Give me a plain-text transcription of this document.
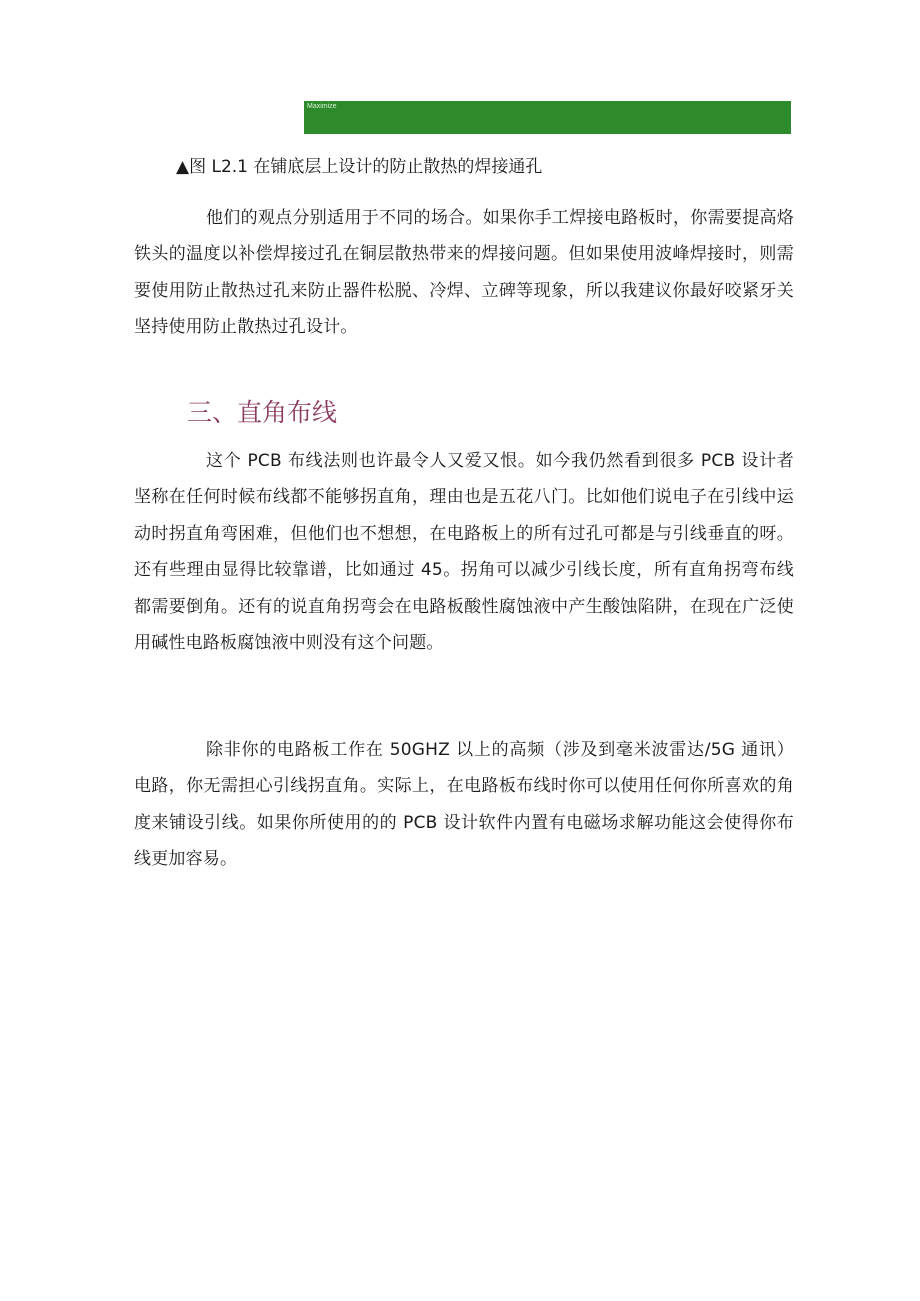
Maximize
▲图 L2.1 在铺底层上设计的防止散热的焊接通孔

他们的观点分别适用于不同的场合。如果你手工焊接电路板时，你需要提高烙铁头的温度以补偿焊接过孔在铜层散热带来的焊接问题。但如果使用波峰焊接时，则需要使用防止散热过孔来防止器件松脱、冷焊、立碑等现象，所以我建议你最好咬紧牙关坚持使用防止散热过孔设计。

三、直角布线

这个 PCB 布线法则也许最令人又爱又恨。如今我仍然看到很多 PCB 设计者坚称在任何时候布线都不能够拐直角，理由也是五花八门。比如他们说电子在引线中运动时拐直角弯困难，但他们也不想想，在电路板上的所有过孔可都是与引线垂直的呀。还有些理由显得比较靠谱，比如通过 45。拐角可以减少引线长度，所有直角拐弯布线都需要倒角。还有的说直角拐弯会在电路板酸性腐蚀液中产生酸蚀陷阱，在现在广泛使用碱性电路板腐蚀液中则没有这个问题。

除非你的电路板工作在 50GHZ 以上的高频（涉及到毫米波雷达/5G 通讯）电路，你无需担心引线拐直角。实际上，在电路板布线时你可以使用任何你所喜欢的角度来铺设引线。如果你所使用的的 PCB 设计软件内置有电磁场求解功能这会使得你布线更加容易。
